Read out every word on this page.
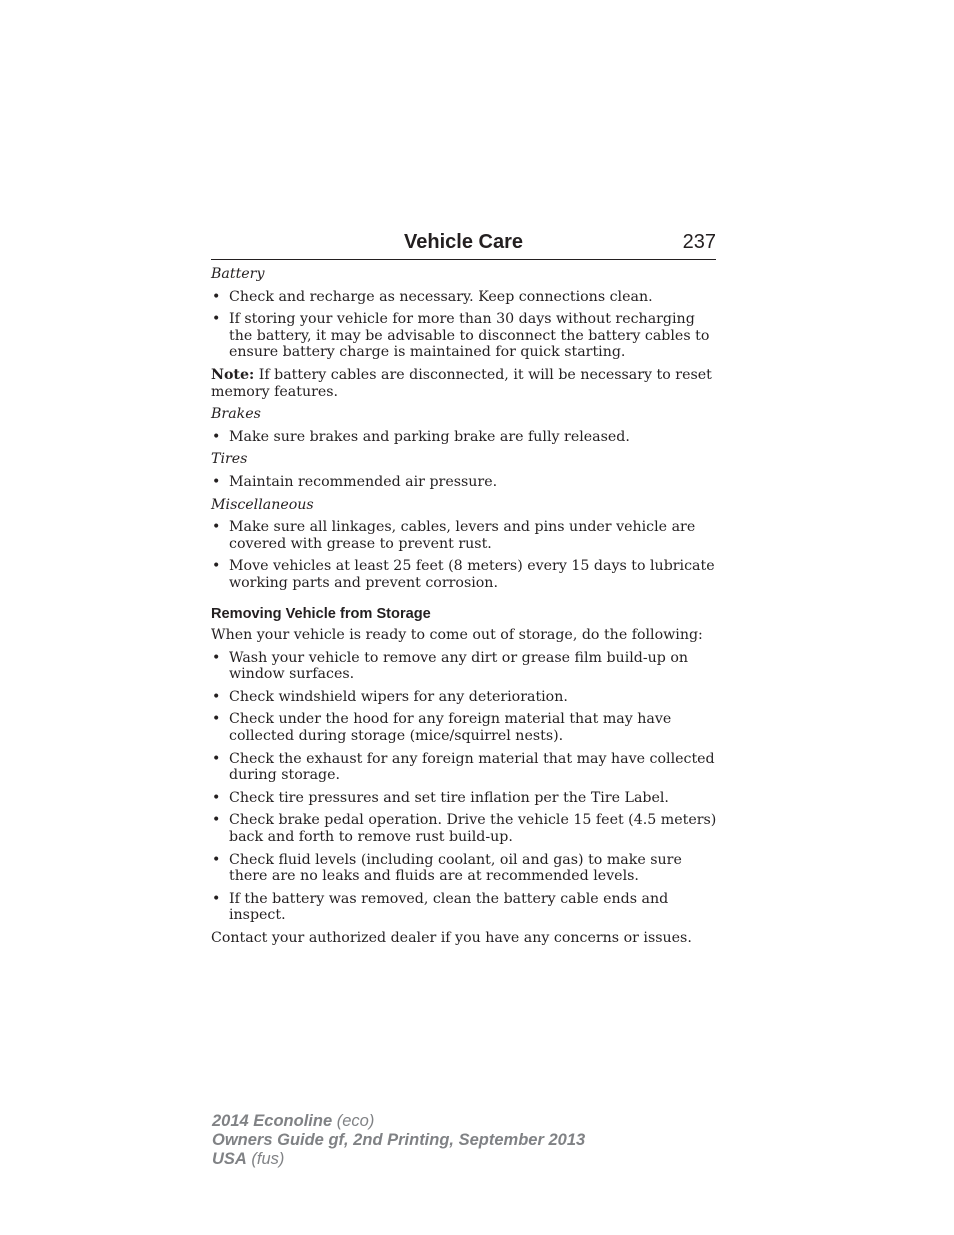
Vehicle Care	237
Battery
• Check and recharge as necessary. Keep connections clean.
• If storing your vehicle for more than 30 days without recharging the battery, it may be advisable to disconnect the battery cables to ensure battery charge is maintained for quick starting.

Note: If battery cables are disconnected, it will be necessary to reset memory features.

Brakes
• Make sure brakes and parking brake are fully released.
Tires
• Maintain recommended air pressure.
Miscellaneous
• Make sure all linkages, cables, levers and pins under vehicle are covered with grease to prevent rust.
• Move vehicles at least 25 feet (8 meters) every 15 days to lubricate working parts and prevent corrosion.
Removing Vehicle from Storage

When your vehicle is ready to come out of storage, do the following:

• Wash your vehicle to remove any dirt or grease film build-up on window surfaces.
• Check windshield wipers for any deterioration.
• Check under the hood for any foreign material that may have collected during storage (mice/squirrel nests).
• Check the exhaust for any foreign material that may have collected during storage.
• Check tire pressures and set tire inflation per the Tire Label.
• Check brake pedal operation. Drive the vehicle 15 feet (4.5 meters) back and forth to remove rust build-up.
• Check fluid levels (including coolant, oil and gas) to make sure there are no leaks and fluids are at recommended levels.
• If the battery was removed, clean the battery cable ends and inspect.

Contact your authorized dealer if you have any concerns or issues.

2014 Econoline (eco)
Owners Guide gf, 2nd Printing, September 2013
USA (fus)
